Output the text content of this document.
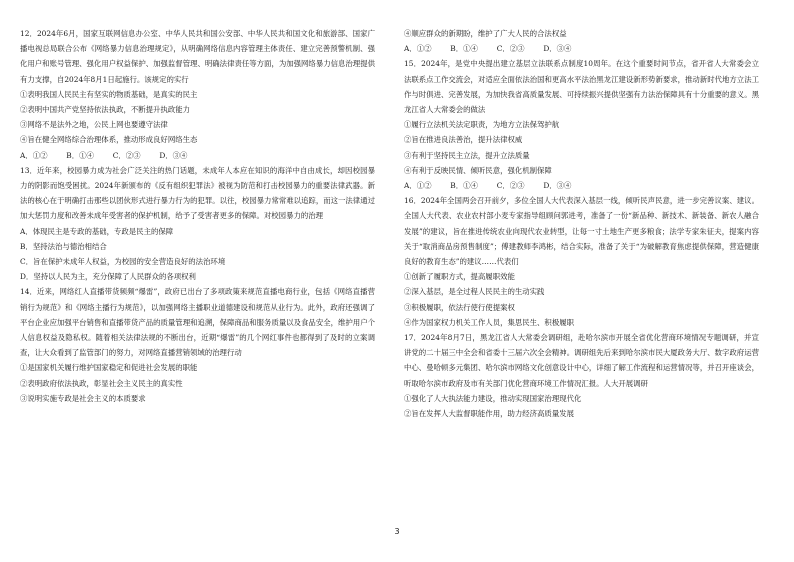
12．2024年6月，国家互联网信息办公室、中华人民共和国公安部、中华人民共和国文化和旅游部、国家广播电视总局联合公布《网络暴力信息治理规定》，从明确网络信息内容管理主体责任、建立完善预警机制、强化用户和账号管理、强化用户权益保护、加强监督管理、明确法律责任等方面，为加强网络暴力信息治理提供有力支撑，自2024年8月1日起施行。该规定的实行

①表明我国人民民主有坚实的物质基础，是真实的民主

②表明中国共产党坚持依法执政，不断提升执政能力

③网络不是法外之地，公民上网也要遵守法律

④旨在健全网络综合治理体系，推动形成良好网络生态

A．①②        B．①④        C．②③        D．③④

13．近年来，校园暴力成为社会广泛关注的热门话题，未成年人本应在知识的海洋中自由成长，却因校园暴力的阴影而饱受困扰。2024年新颁布的《反有组织犯罪法》被视为防范和打击校园暴力的重要法律武器。新法的核心在于明确打击那些以团伙形式进行暴力行为的犯罪。以往，校园暴力常常难以追踪，而这一法律通过加大惩罚力度和改善未成年受害者的保护机制，给予了受害者更多的保障。对校园暴力的治理

A．体现民主是专政的基础，专政是民主的保障

B．坚持法治与德治相结合

C．旨在保护未成年人权益，为校园的安全营造良好的法治环境

D．坚持以人民为主，充分保障了人民群众的各项权利

14．近来，网络红人直播带货频频“爆雷”，政府已出台了多项政策来规范直播电商行业，包括《网络直播营销行为规范》和《网络主播行为规范》，以加强网络主播职业道德建设和规范从业行为。此外，政府还强调了平台企业应加强平台销售和直播带货产品的质量管理和追溯，保障商品和服务质量以及食品安全，维护用户个人信息权益及隐私权。随着相关法律法规的不断出台，近期“爆雷”的几个网红事件也都得到了及时的立案调查，让大众看到了监管部门的努力，对网络直播营销领域的治理行动

①是国家机关履行维护国家稳定和促进社会发展的职能

②表明政府依法执政，彰显社会主义民主的真实性

③说明实施专政是社会主义的本质要求

④顺应群众的新期盼，维护了广大人民的合法权益

A．①②        B．①④        C．②③        D．③④

15．2024年，是党中央提出建立基层立法联系点制度10周年。在这个重要时间节点，省开省人大常委会立法联系点工作交流会，对适应全面依法治国和更高水平法治黑龙江建设新形势新要求，推动新时代地方立法工作与时俱进、完善发展，为加快我省高质量发展、可持续振兴提供坚强有力法治保障具有十分重要的意义。黑龙江省人大常委会的做法

①履行立法机关法定职责，为地方立法保驾护航

②旨在推进良法善治，提升法律权威

③有利于坚持民主立法，提升立法质量

④有利于反映民情、倾听民意，强化机制保障

A．①②        B．①④        C．②③        D．③④

16．2024年全国两会召开前夕，多位全国人大代表深入基层一线，倾听民声民意，进一步完善议案、建议。全国人大代表、农业农村部小麦专家指导组顾问郭进考，准备了一份“新品种、新技术、新装备、新农人融合发展”的建议，旨在推进传统农业向现代农业转型，让每一寸土地生产更多粮食；法学专家朱征夫，提案内容关于“取消商品房预售制度”；傅建教师李鸿彬，结合实际，准备了关于“为破解教育焦虑提供保障，营造健康良好的教育生态”的建议……代表们

①创新了履职方式，提高履职效能

②深入基层，是全过程人民民主的生动实践

③积极履职，依法行使行使提案权

④作为国家权力机关工作人员，集思民生、积极履职

17．2024年8月7日，黑龙江省人大常委会调研组，赴哈尔滨市开展全省优化营商环境情况专题调研，并宣讲党的二十届三中全会和省委十三届六次全会精神。调研组先后来到哈尔滨市民大厦政务大厅、数字政府运营中心、曼哈顿多元集团、哈尔滨市网络文化创意设计中心，详细了解工作流程和运营情况等，并召开座谈会，听取哈尔滨市政府及市有关部门优化营商环境工作情况汇报。人大开展调研

①强化了人大执法能力建设，推动实现国家治理现代化

②旨在发挥人大监督职能作用，助力经济高质量发展

3
